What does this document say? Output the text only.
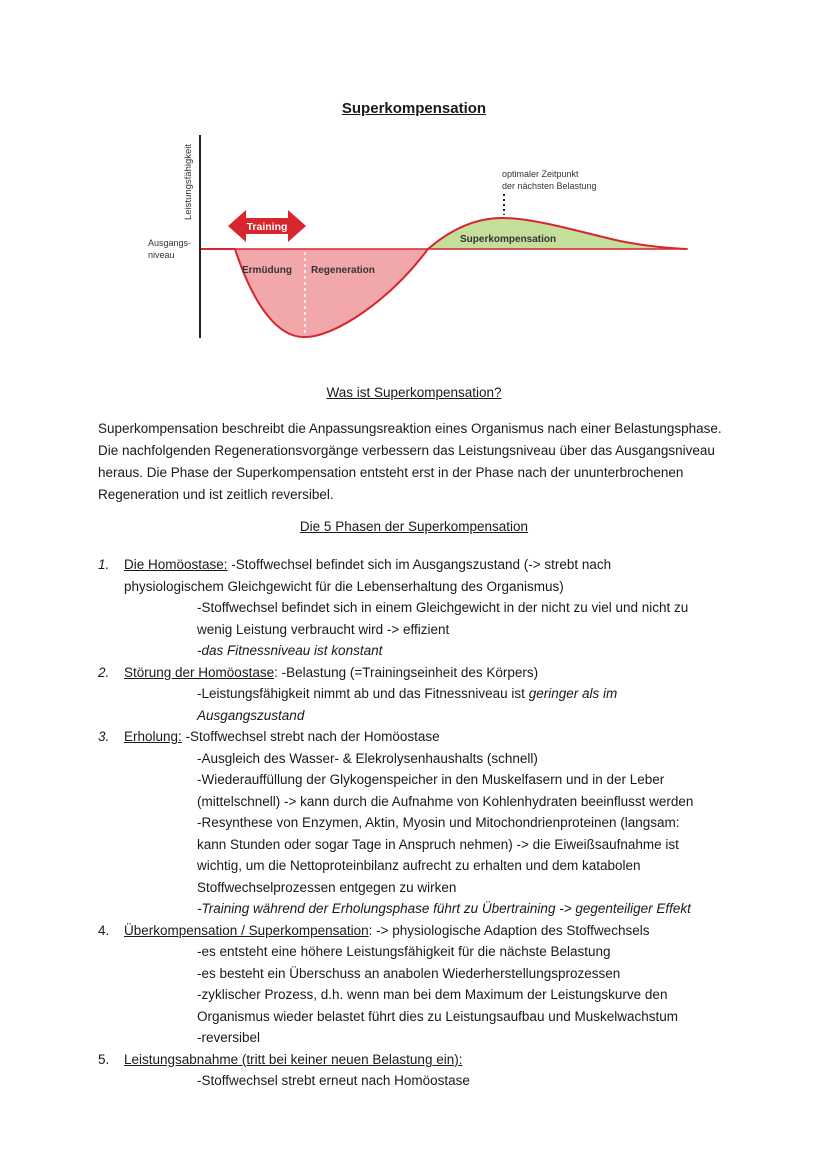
Superkompensation
Leistungsfähigkeit
Ausgangs-
niveau
Training
Ermüdung Regeneration
Superkompensation
optimaler Zeitpunkt
der nächsten Belastung
Was ist Superkompensation?
Superkompensation beschreibt die Anpassungsreaktion eines Organismus nach einer Belastungsphase. Die nachfolgenden Regenerationsvorgänge verbessern das Leistungsniveau über das Ausgangsniveau heraus. Die Phase der Superkompensation entsteht erst in der Phase nach der ununterbrochenen Regeneration und ist zeitlich reversibel.
Die 5 Phasen der Superkompensation
1. Die Homöostase: -Stoffwechsel befindet sich im Ausgangszustand (-> strebt nach
physiologischem Gleichgewicht für die Lebenserhaltung des Organismus)
-Stoffwechsel befindet sich in einem Gleichgewicht in der nicht zu viel und nicht zu
wenig Leistung verbraucht wird -> effizient
-das Fitnessniveau ist konstant
2. Störung der Homöostase: -Belastung (=Trainingseinheit des Körpers)
-Leistungsfähigkeit nimmt ab und das Fitnessniveau ist geringer als im
Ausgangszustand
3. Erholung: -Stoffwechsel strebt nach der Homöostase
-Ausgleich des Wasser- & Elekrolysenhaushalts (schnell)
-Wiederauffüllung der Glykogenspeicher in den Muskelfasern und in der Leber
(mittelschnell) -> kann durch die Aufnahme von Kohlenhydraten beeinflusst werden
-Resynthese von Enzymen, Aktin, Myosin und Mitochondrienproteinen (langsam:
kann Stunden oder sogar Tage in Anspruch nehmen) -> die Eiweißsaufnahme ist
wichtig, um die Nettoproteinbilanz aufrecht zu erhalten und dem katabolen
Stoffwechselprozessen entgegen zu wirken
-Training während der Erholungsphase führt zu Übertraining -> gegenteiliger Effekt
4. Überkompensation / Superkompensation: -> physiologische Adaption des Stoffwechsels
-es entsteht eine höhere Leistungsfähigkeit für die nächste Belastung
-es besteht ein Überschuss an anabolen Wiederherstellungsprozessen
-zyklischer Prozess, d.h. wenn man bei dem Maximum der Leistungskurve den
Organismus wieder belastet führt dies zu Leistungsaufbau und Muskelwachstum
-reversibel
5. Leistungsabnahme (tritt bei keiner neuen Belastung ein):
-Stoffwechsel strebt erneut nach Homöostase
